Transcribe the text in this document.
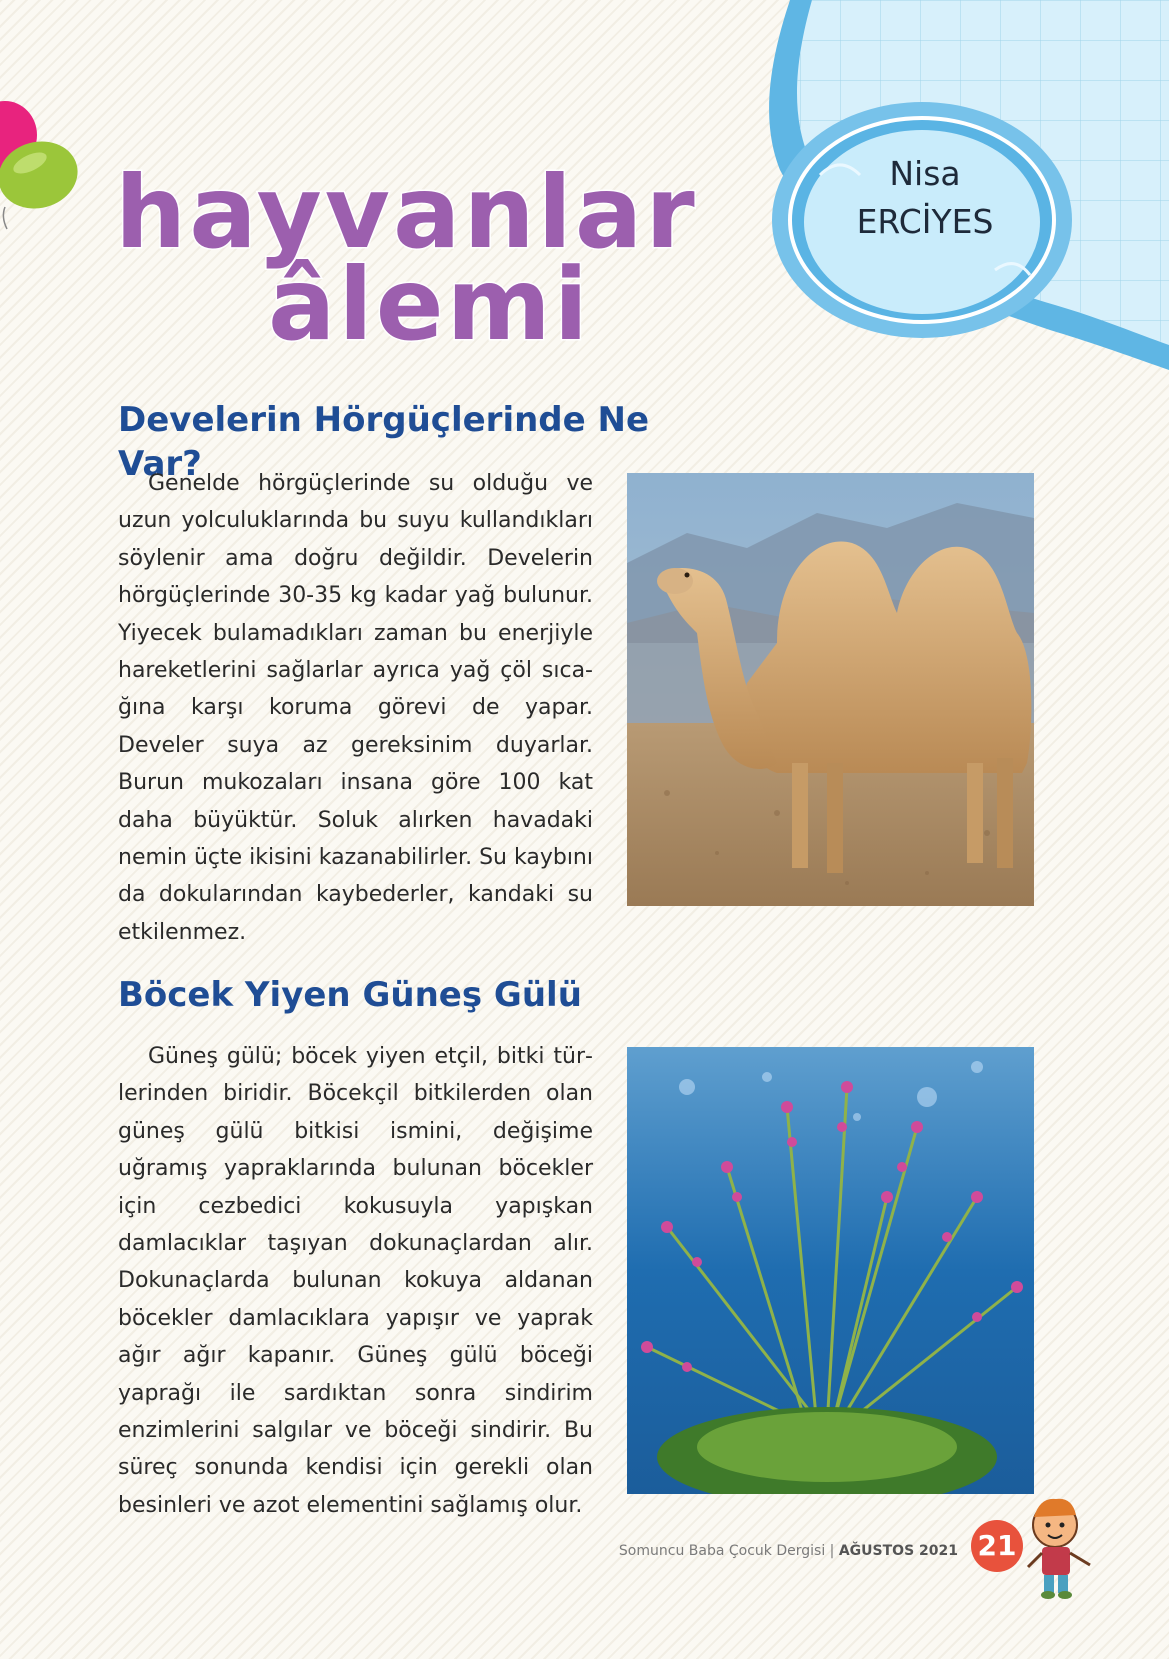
Nisa
ERCİYES
hayvanlar
âlemi̇
Develerin Hörgüçlerinde Ne Var?

Genelde hörgüçlerinde su olduğu ve uzun yolculuklarında bu suyu kullandıkları söylenir ama doğru değildir. Develerin hörgüçlerinde 30-35 kg kadar yağ bulunur. Yiyecek bulamadıkları zaman bu enerjiyle hareketlerini sağlarlar ayrıca yağ çöl sıcağına karşı koruma görevi de yapar. Develer suya az gereksinim duyarlar. Burun mukozaları insana göre 100 kat daha büyüktür. Soluk alırken havadaki nemin üçte ikisini kazanabilirler. Su kaybını da dokularından kaybederler, kandaki su etkilenmez.

Böcek Yiyen Güneş Gülü

Güneş gülü; böcek yiyen etçil, bitki türlerinden biridir. Böcekçil bitkilerden olan güneş gülü bitkisi ismini, değişime uğramış yapraklarında bulunan böcekler için cezbedici kokusuyla yapışkan damlacıklar taşıyan dokunaçlardan alır. Dokunaçlarda bulunan kokuya aldanan böcekler damlacıklara yapışır ve yaprak ağır ağır kapanır. Güneş gülü böceği yaprağı ile sardıktan sonra sindirim enzimlerini salgılar ve böceği sindirir. Bu süreç sonunda kendisi için gerekli olan besinleri ve azot elementini sağlamış olur.

Somuncu Baba Çocuk Dergisi | AĞUSTOS 2021 21
